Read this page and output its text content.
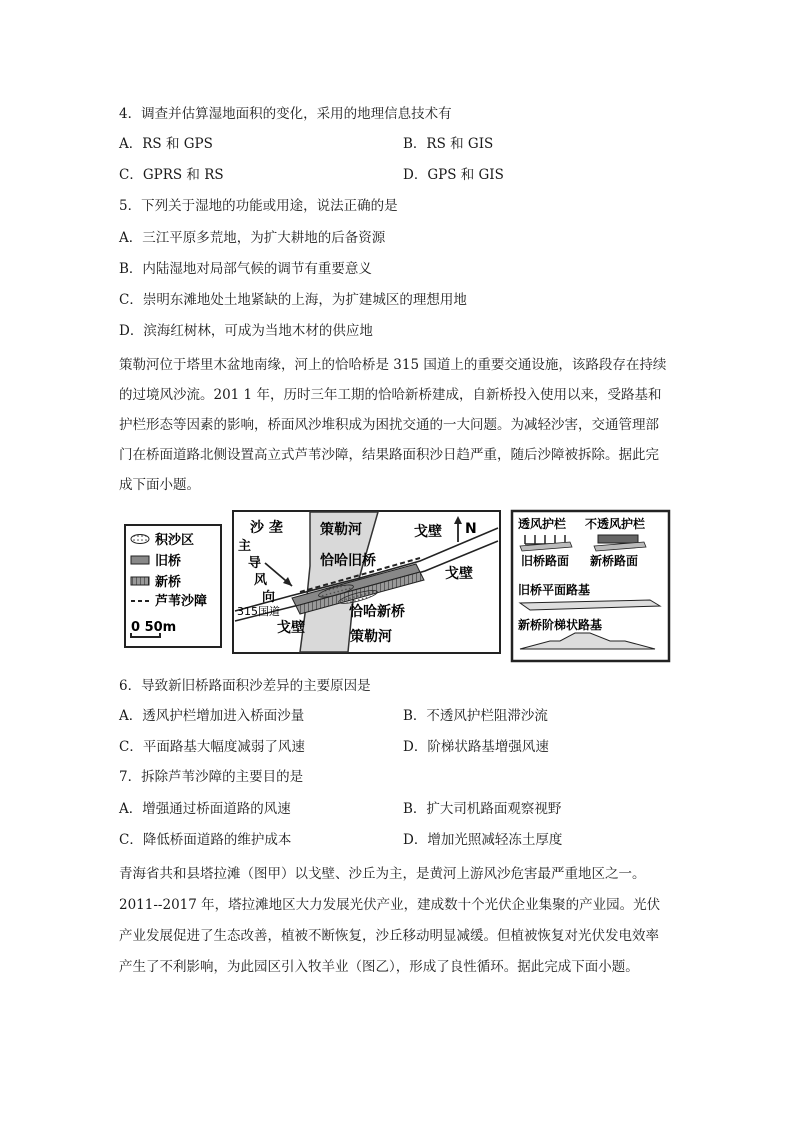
4．调查并估算湿地面积的变化，采用的地理信息技术有
A．RS 和 GPS	B．RS 和 GIS
C．GPRS 和 RS	D．GPS 和 GIS
5．下列关于湿地的功能或用途，说法正确的是
A．三江平原多荒地，为扩大耕地的后备资源
B．内陆湿地对局部气候的调节有重要意义
C．崇明东滩地处土地紧缺的上海，为扩建城区的理想用地
D．滨海红树林，可成为当地木材的供应地
策勒河位于塔里木盆地南缘，河上的恰哈桥是 315 国道上的重要交通设施，该路段存在持续
的过境风沙流。201 1 年，历时三年工期的恰哈新桥建成，自新桥投入使用以来，受路基和
护栏形态等因素的影响，桥面风沙堆积成为困扰交通的一大问题。为减轻沙害，交通管理部
门在桥面道路北侧设置高立式芦苇沙障，结果路面积沙日趋严重，随后沙障被拆除。据此完
成下面小题。
积沙区
旧桥
新桥
芦苇沙障
0 50m
N
沙 垄
主
导
风
向
策勒河
恰哈旧桥
恰哈新桥
策勒河
戈壁
戈壁
戈壁
315国道
透风护栏 不透风护栏
旧桥路面 新桥路面
旧桥平面路基
新桥阶梯状路基
6．导致新旧桥路面积沙差异的主要原因是
A．透风护栏增加进入桥面沙量	B．不透风护栏阻滞沙流
C．平面路基大幅度减弱了风速	D．阶梯状路基增强风速
7．拆除芦苇沙障的主要目的是
A．增强通过桥面道路的风速	B．扩大司机路面观察视野
C．降低桥面道路的维护成本	D．增加光照减轻冻土厚度
青海省共和县塔拉滩（图甲）以戈壁、沙丘为主，是黄河上游风沙危害最严重地区之一。
2011--2017 年，塔拉滩地区大力发展光伏产业，建成数十个光伏企业集聚的产业园。光伏
产业发展促进了生态改善，植被不断恢复，沙丘移动明显减缓。但植被恢复对光伏发电效率
产生了不利影响，为此园区引入牧羊业（图乙），形成了良性循环。据此完成下面小题。
